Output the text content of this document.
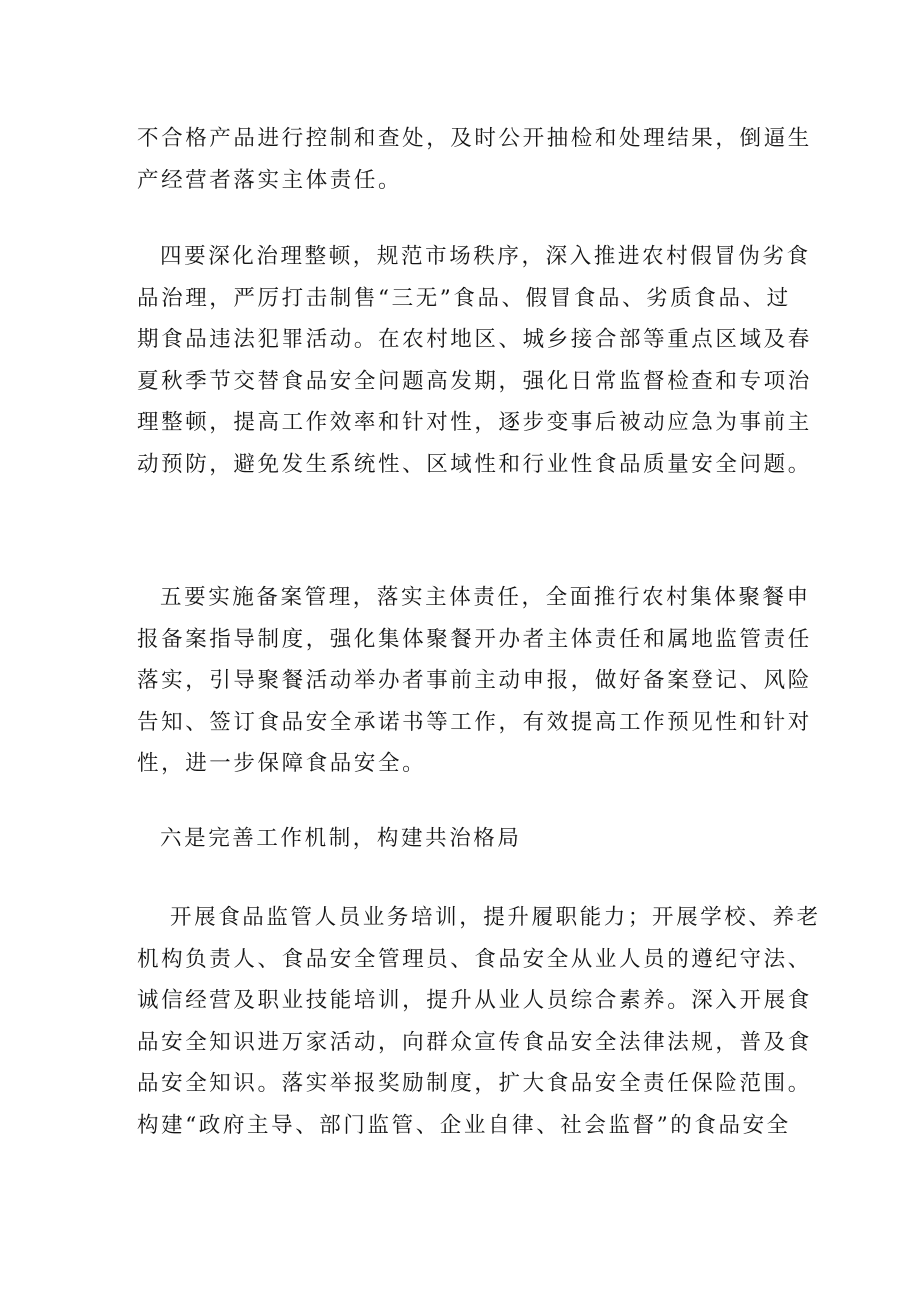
不合格产品进行控制和查处，及时公开抽检和处理结果，倒逼生
产经营者落实主体责任。
四要深化治理整顿，规范市场秩序，深入推进农村假冒伪劣食
品治理，严厉打击制售“三无”食品、假冒食品、劣质食品、过
期食品违法犯罪活动。在农村地区、城乡接合部等重点区域及春
夏秋季节交替食品安全问题高发期，强化日常监督检查和专项治
理整顿，提高工作效率和针对性，逐步变事后被动应急为事前主
动预防，避免发生系统性、区域性和行业性食品质量安全问题。
五要实施备案管理，落实主体责任，全面推行农村集体聚餐申
报备案指导制度，强化集体聚餐开办者主体责任和属地监管责任
落实，引导聚餐活动举办者事前主动申报，做好备案登记、风险
告知、签订食品安全承诺书等工作，有效提高工作预见性和针对
性，进一步保障食品安全。
六是完善工作机制，构建共治格局
开展食品监管人员业务培训，提升履职能力；开展学校、养老
机构负责人、食品安全管理员、食品安全从业人员的遵纪守法、
诚信经营及职业技能培训，提升从业人员综合素养。深入开展食
品安全知识进万家活动，向群众宣传食品安全法律法规，普及食
品安全知识。落实举报奖励制度，扩大食品安全责任保险范围。
构建“政府主导、部门监管、企业自律、社会监督”的食品安全
